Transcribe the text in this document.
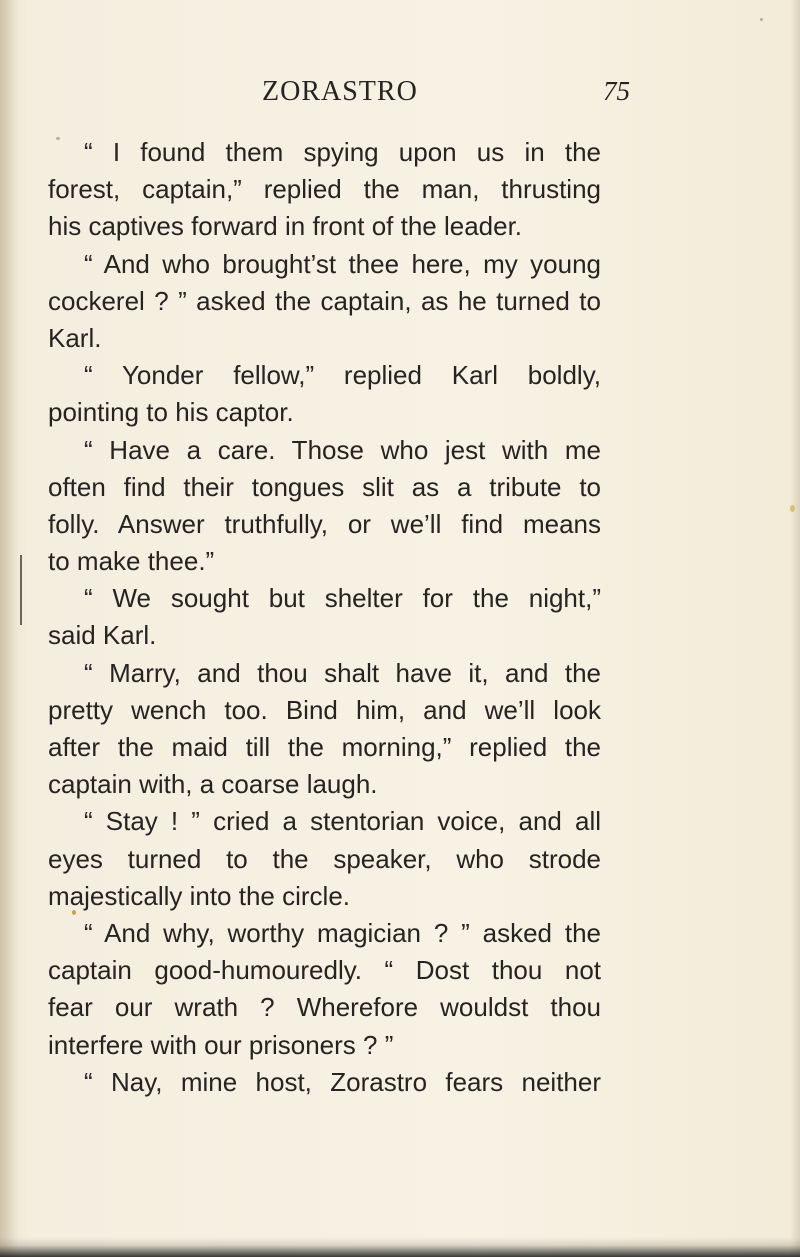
ZORASTRO	75
“ I found them spying upon us in the
forest, captain,” replied the man, thrusting
his captives forward in front of the leader.
“ And who brought’st thee here, my young
cockerel ? ” asked the captain, as he turned to
Karl.
“ Yonder fellow,” replied Karl boldly,
pointing to his captor.
“ Have a care. Those who jest with me
often find their tongues slit as a tribute to
folly. Answer truthfully, or we’ll find means
to make thee.”
“ We sought but shelter for the night,”
said Karl.
“ Marry, and thou shalt have it, and the
pretty wench too. Bind him, and we’ll look
after the maid till the morning,” replied the
captain with, a coarse laugh.
“ Stay ! ” cried a stentorian voice, and all
eyes turned to the speaker, who strode
majestically into the circle.
“ And why, worthy magician ? ” asked the
captain good-humouredly. “ Dost thou not
fear our wrath ? Wherefore wouldst thou
interfere with our prisoners ? ”
“ Nay, mine host, Zorastro fears neither
